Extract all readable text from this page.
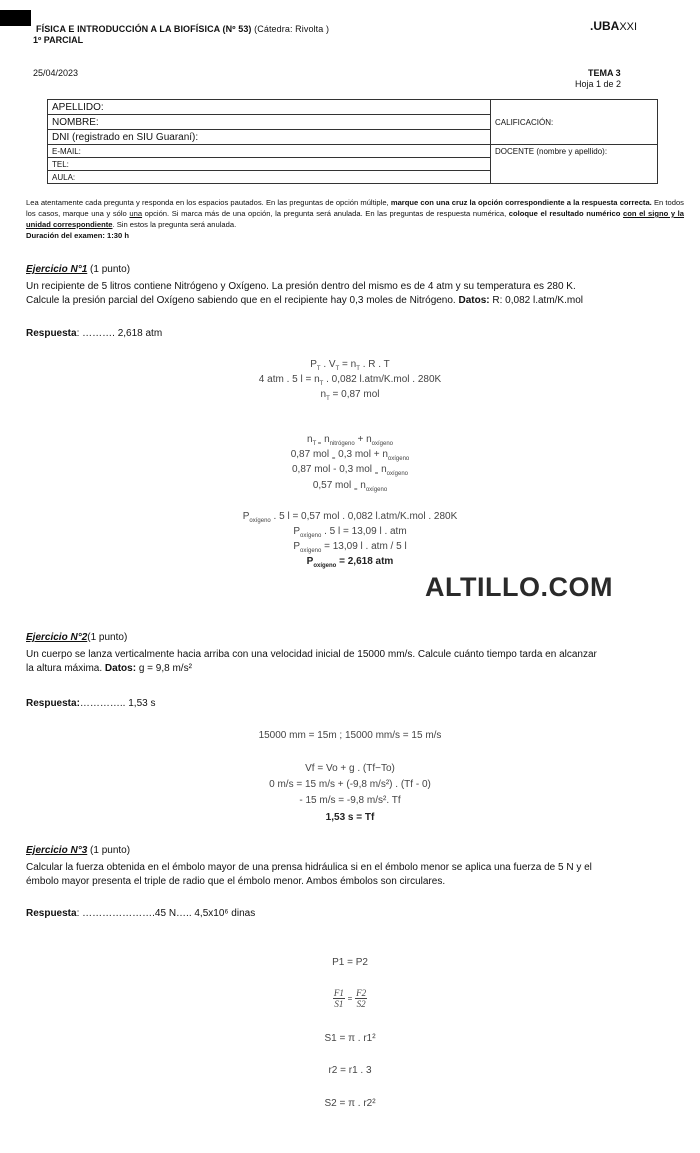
FÍSICA E INTRODUCCIÓN A LA BIOFÍSICA (Nº 53) (Cátedra: Rivolta )
1º PARCIAL
.UBAXXI
25/04/2023	TEMA 3
Hoja 1 de 2
APELLIDO:	CALIFICACIÓN:
NOMBRE:	
DNI (registrado en SIU Guaraní):	
E-MAIL:	DOCENTE (nombre y apellido):
TEL:	
AULA:	
Lea atentamente cada pregunta y responda en los espacios pautados. En las preguntas de opción múltiple, marque con una cruz la opción correspondiente a la respuesta correcta. En todos los casos, marque una y sólo una opción. Si marca más de una opción, la pregunta será anulada. En las preguntas de respuesta numérica, coloque el resultado numérico con el signo y la unidad correspondiente. Sin estos la pregunta será anulada.
Duración del examen: 1:30 h
Ejercicio N°1 (1 punto)
Un recipiente de 5 litros contiene Nitrógeno y Oxígeno. La presión dentro del mismo es de 4 atm y su temperatura es 280 K.
Calcule la presión parcial del Oxígeno sabiendo que en el recipiente hay 0,3 moles de Nitrógeno. Datos: R: 0,082 l.atm/K.mol
Respuesta: ………. 2,618 atm
$P_T$ . $V_T = n_T$ . R . T
4 atm . 5 $l = n_T$ . 0,082 l.atm/K.mol . 280K
$n_T = 0,87$ mol
$n_{T =}$ $n_{nitrógeno} + n_{oxígeno}$
0,87 mol $_=$ 0,3 mol + $n_{oxígeno}$
0,87 mol - 0,3 mol $_=$ $n_{oxígeno}$
0,57 mol $_=$ $n_{oxígeno}$
$P_{oxígeno}$ . 5 l = 0,57 mol . 0,082 l.atm/K.mol . 280K
$P_{oxígeno}$ . 5 l = 13,09 l . atm
$P_{oxígeno} = 13,09$ l . atm / 5 l
$P_{oxígeno} = 2,618$ atm
ALTILLO.COM
Ejercicio N°2(1 punto)
Un cuerpo se lanza verticalmente hacia arriba con una velocidad inicial de 15000 mm/s. Calcule cuánto tiempo tarda en alcanzar
la altura máxima. Datos: g = 9,8 m/s²
Respuesta:………….. 1,53 s
15000 mm = 15m ; 15000 mm/s = 15 m/s
Vf = Vo + g . (Tf−To)
0 m/s = 15 m/s + (-9,8 m/s²) . (Tf - 0)
- 15 m/s = -9,8 m/s². Tf
1,53 s = Tf
Ejercicio N°3 (1 punto)
Calcular la fuerza obtenida en el émbolo mayor de una prensa hidráulica si en el émbolo menor se aplica una fuerza de 5 N y el
émbolo mayor presenta el triple de radio que el émbolo menor. Ambos émbolos son circulares.
Respuesta: ………………….45 N….. 4,5x10⁶ dinas
P1 = P2
$\frac{F1}{S1} = \frac{F2}{S2}$
S1 = π . r1²
r2 = r1 . 3
S2 = π . r2²
